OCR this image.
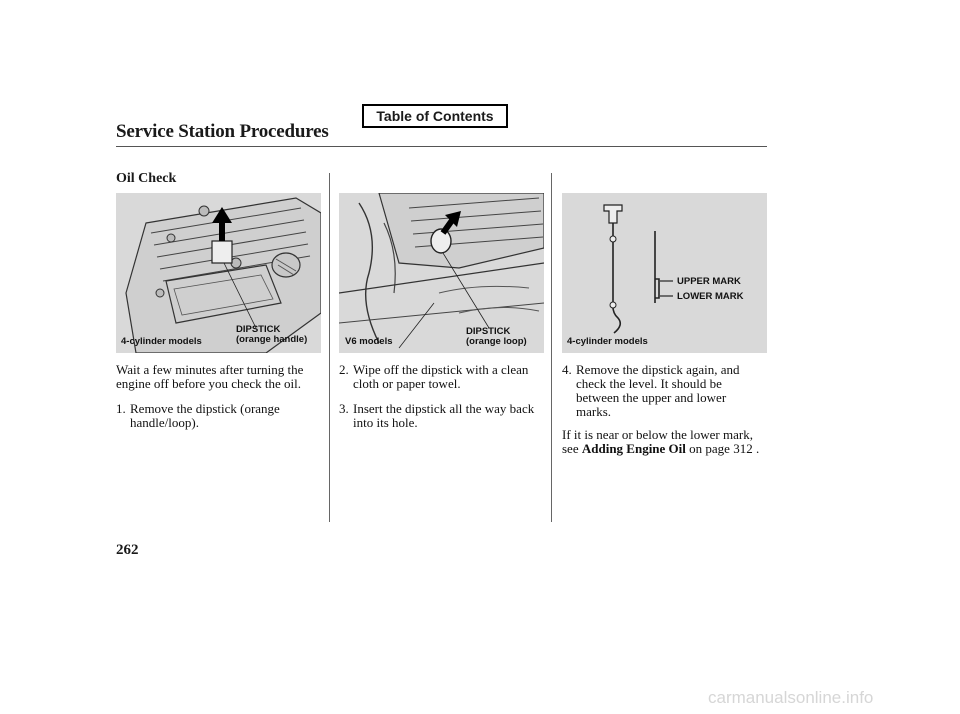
Table of Contents
Service Station Procedures
Oil Check
4-cylinder models
DIPSTICK
(orange handle)	V6 models
DIPSTICK
(orange loop)
UPPER MARK
LOWER MARK
4-cylinder models
Wait a few minutes after turning the
engine off before you check the oil.
1. Remove the dipstick (orange
handle/loop).
2. Wipe off the dipstick with a clean
cloth or paper towel.
3. Insert the dipstick all the way back
into its hole.
4. Remove the dipstick again, and
check the level. It should be
between the upper and lower
marks.
If it is near or below the lower mark,
see Adding Engine Oil on page 312 .
262
carmanualsonline.info
